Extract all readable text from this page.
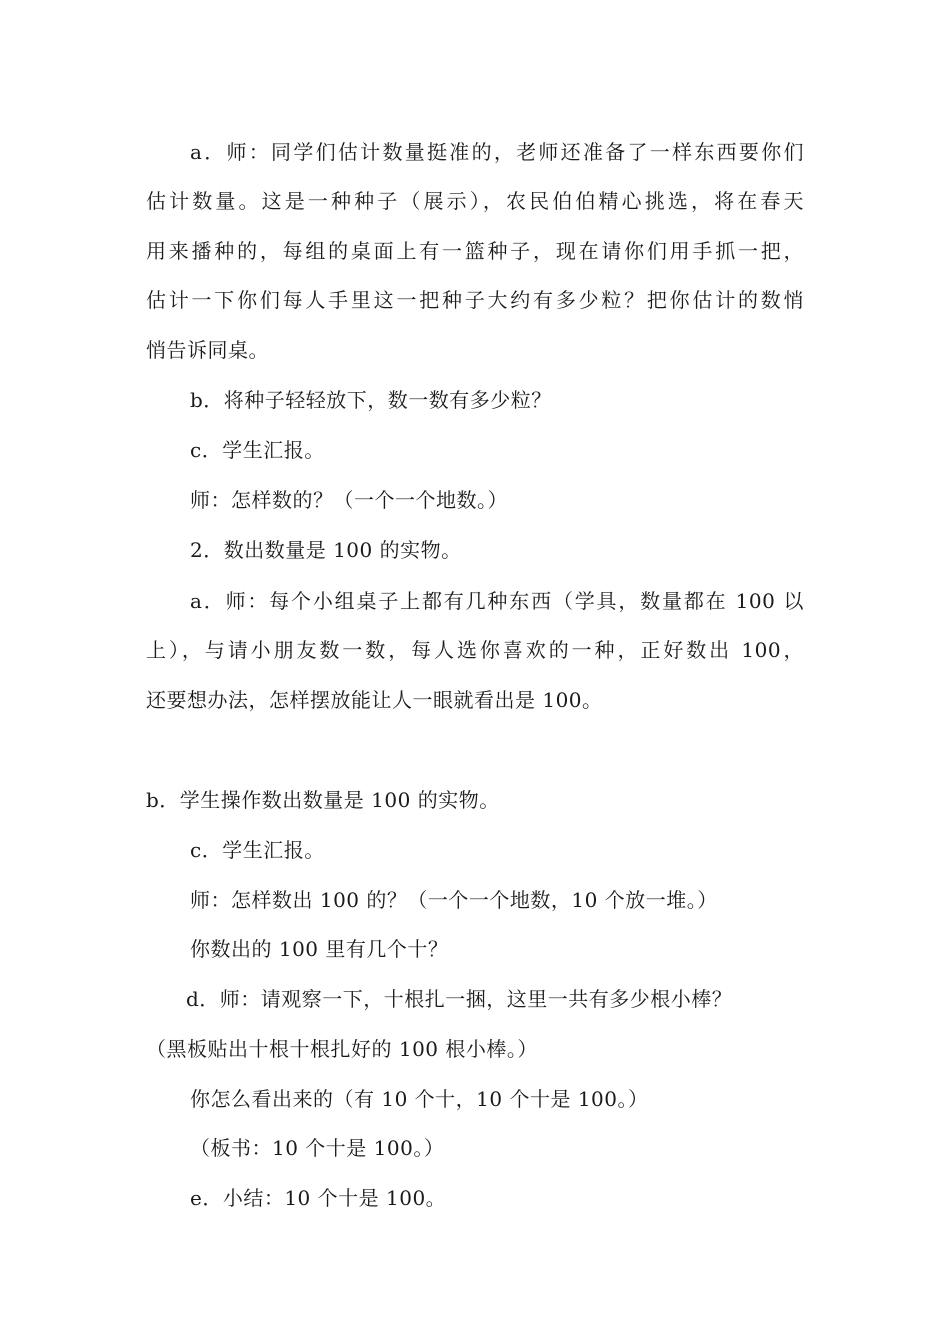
a．师：同学们估计数量挺准的，老师还准备了一样东西要你们
估计数量。这是一种种子（展示），农民伯伯精心挑选，将在春天
用来播种的，每组的桌面上有一篮种子，现在请你们用手抓一把，
估计一下你们每人手里这一把种子大约有多少粒？把你估计的数悄
悄告诉同桌。
b．将种子轻轻放下，数一数有多少粒？
c．学生汇报。
师：怎样数的？（一个一个地数。）
2．数出数量是 100 的实物。
a．师：每个小组桌子上都有几种东西（学具，数量都在 100 以
上），与请小朋友数一数，每人选你喜欢的一种，正好数出 100，
还要想办法，怎样摆放能让人一眼就看出是 100。
b．学生操作数出数量是 100 的实物。
c．学生汇报。
师：怎样数出 100 的？（一个一个地数，10 个放一堆。）
你数出的 100 里有几个十？
d．师：请观察一下，十根扎一捆，这里一共有多少根小棒？
（黑板贴出十根十根扎好的 100 根小棒。）
你怎么看出来的（有 10 个十，10 个十是 100。）
（板书：10 个十是 100。）
e．小结：10 个十是 100。
